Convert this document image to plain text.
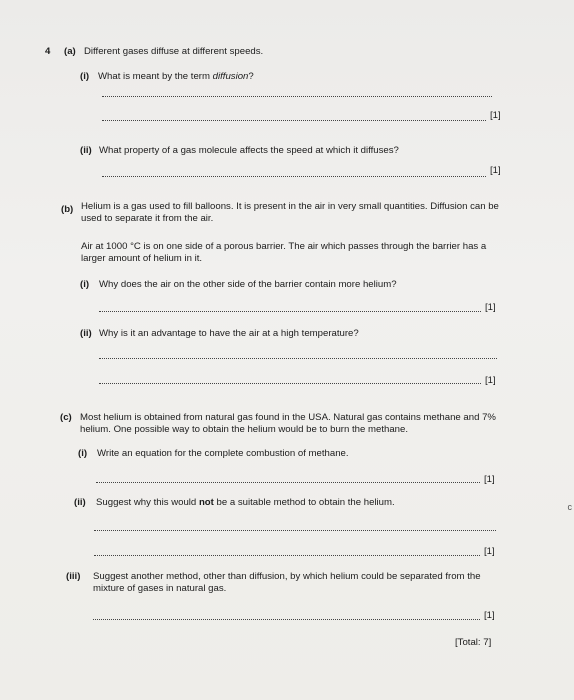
4 (a) Different gases diffuse at different speeds.
(i) What is meant by the term diffusion?
[1]
(ii) What property of a gas molecule affects the speed at which it diffuses?
[1]
(b) Helium is a gas used to fill balloons. It is present in the air in very small quantities. Diffusion can be used to separate it from the air.
Air at 1000 °C is on one side of a porous barrier. The air which passes through the barrier has a larger amount of helium in it.
(i) Why does the air on the other side of the barrier contain more helium?
[1]
(ii) Why is it an advantage to have the air at a high temperature?
[1]
(c) Most helium is obtained from natural gas found in the USA. Natural gas contains methane and 7% helium. One possible way to obtain the helium would be to burn the methane.
(i) Write an equation for the complete combustion of methane.
[1]
(ii) Suggest why this would not be a suitable method to obtain the helium.
[1]
(iii) Suggest another method, other than diffusion, by which helium could be separated from the mixture of gases in natural gas.
[1]
[Total: 7]
c
